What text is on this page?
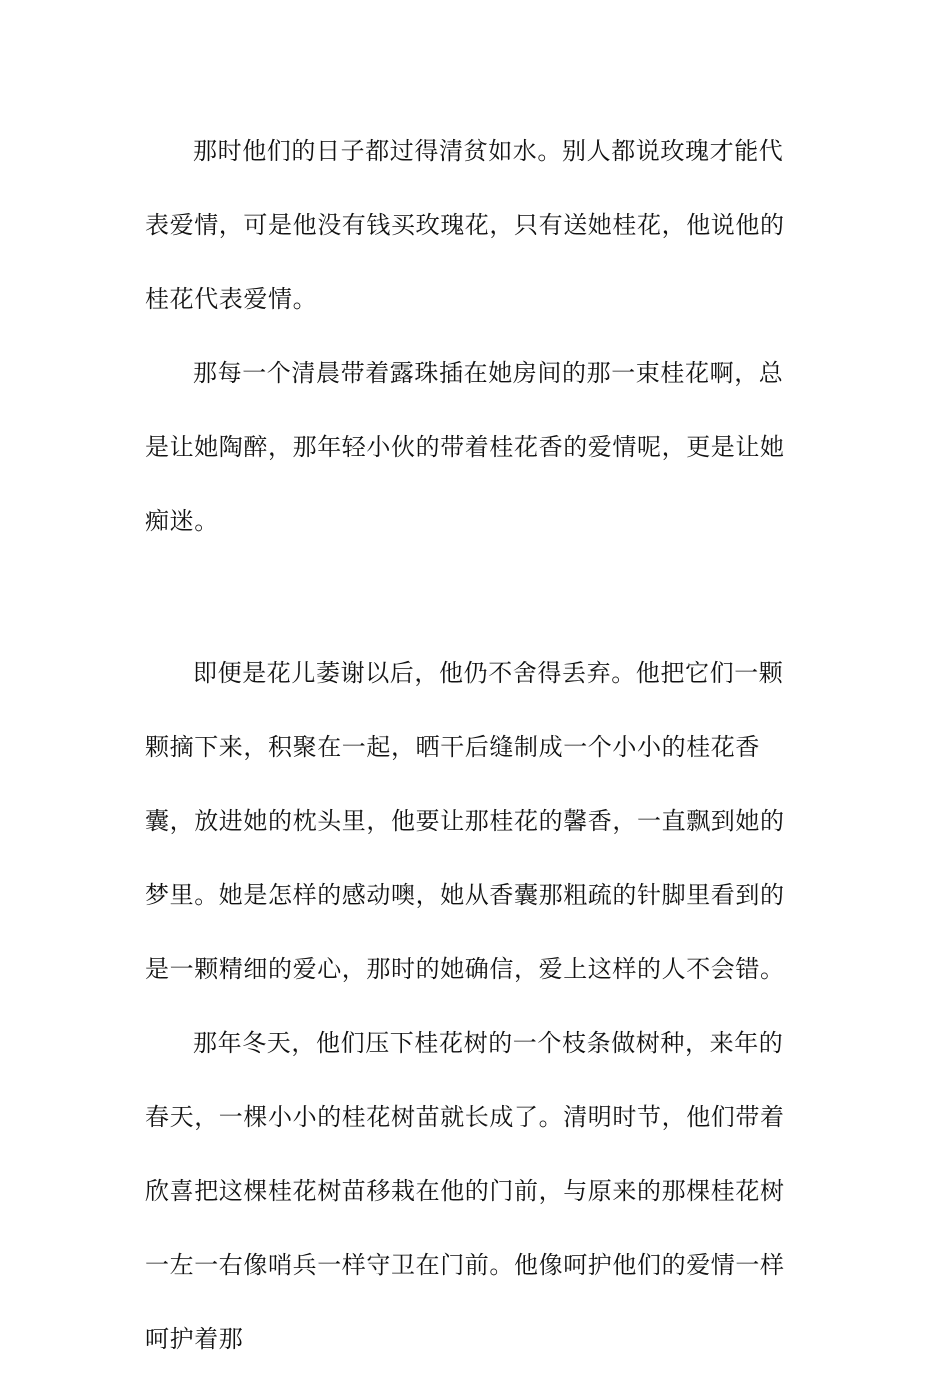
那时他们的日子都过得清贫如水。别人都说玫瑰才能代表爱情，可是他没有钱买玫瑰花，只有送她桂花，他说他的桂花代表爱情。

那每一个清晨带着露珠插在她房间的那一束桂花啊，总是让她陶醉，那年轻小伙的带着桂花香的爱情呢，更是让她痴迷。

即便是花儿萎谢以后，他仍不舍得丢弃。他把它们一颗颗摘下来，积聚在一起，晒干后缝制成一个小小的桂花香囊，放进她的枕头里，他要让那桂花的馨香，一直飘到她的梦里。她是怎样的感动噢，她从香囊那粗疏的针脚里看到的是一颗精细的爱心，那时的她确信，爱上这样的人不会错。

那年冬天，他们压下桂花树的一个枝条做树种，来年的春天，一棵小小的桂花树苗就长成了。清明时节，他们带着欣喜把这棵桂花树苗移栽在他的门前，与原来的那棵桂花树一左一右像哨兵一样守卫在门前。他像呵护他们的爱情一样呵护着那
